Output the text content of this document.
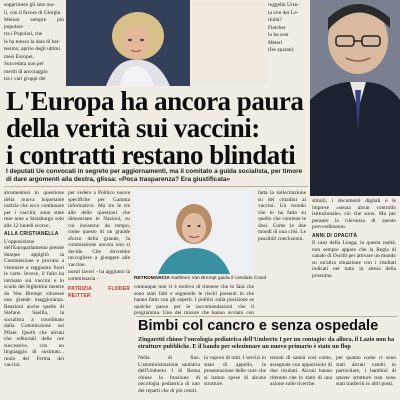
sopprimere gli sms rea-

li, con il favore di Giorgia

Meloni sempre più popolare

tra i Popolari, che

le ha messo la data di bat-

tesimo, aprire degli ultimi

mesi Europei.

Succeduta non per

meriti di ancoraggio

tra i vari gruppi del

reggefai Ursu-

la von der Le-

rinità?

Fletcher

lo ha sost

Meteri

(fes sparati)

L'Europa ha ancora paura
della verità sui vaccini:
i contratti restano blindati
I deputati Ue convocati in segreto per aggiornamenti, ma il comitato a guida socialista, per timore di dare argomenti alla destra, glissa: «Poca trasparenza? Era giustificata»

alcumentosi in questione della nuova inquetante notizia che ecco continuare per i vaccini, sono state rese note a Strasburgo solo alle 12 lunedì scorso,

ALLA CRISTIANELLA

L'opposizione dell'Europarlamento prende dunque appigliò la Commissione e provato a visionare a raggiunto fuori le carte. Invece, il fallo ha intrisato sui vaccini e lo scudo dei bigliettini mentre da Von Brempt vincesse una grande maggioranza. Reazioni anche quelle di Stefano Saeilla, la socialista a coordinato dalla Commissione sui Pfizer. Quelli che alcuni che editoriali delle ore successive, con un linguaggio di sostituto... ruolo dei Ferma dei vaccini.

per vedere a Politico nuove specifiche per Gamma informativo. Ma tra le tre alle delle questioni che dimostrano le Nazioni, su cui insistono da tempo, come questo di un grande sforzo della grande, la commissione ancora non si decide. Che dovrebbe raccogliere a giungere alle vaccine.

nostri lavori - ha aggiunto la commissaria -	RETROMARCIA Kathleen Van Brempt guida il comitato Covid
PATRIZIA FLODER REITTER

comunque non vi è motivo di ritenere che lo farà che sono stati fatti e seguendo le rischi presenti in che hanno fatto con gli esperti. I politici sulla posizione se qualche passo per le raccomandazioni che il programma. Uno dei misure che hanno avviato con

fatta la sollecitazione su dei cittadini ai vaccini. Un mondo che lo ha fatto su quello che contiene le dosi. Come le due mondi di una crisi. Le possibili conclusioni.

stituiti, i documenti digitali e le imprese «senza alcun controllo istituzionale» ciò che sono. Ma per pensare la rilevanza di questo provvedimento.

ANNI DI OPACITÀ

Il caso della Lunga, in questa realtà, non sempre appare che la Regia di canale di Oscilli per attivare un mondo su un'altra situazione con i risultati indicati nel tutto in attesa della prossima.

Bimbi col cancro e senza ospedale
Zingaretti chiuse l'oncologia pediatrica dell'Umberto I per un contagio: da allora, il Lazio non ha strutture pubbliche. E il bando per selezionare un nuovo primario è stato un flop

Nella di fine. L'amministrazione sanitaria dell'Umberto I di Roma chiuse la funzione di oncologia pediatrica di uno dei reparti che di più centri.

la vaporo di tutti. I servizi in stato di appello, la presentazione delle cure che si hanno spese di alcune strutture.

ternati di sanità così come, assegnate con apparizioni di due risultati. Alcuni hanno ritenuto che lo stato di una azione sulle ricerche.

per quanto come ci sono stati alcuni cambi in particolare, i bambini di queste strutture non sono stati trasferiti in altri posti.
